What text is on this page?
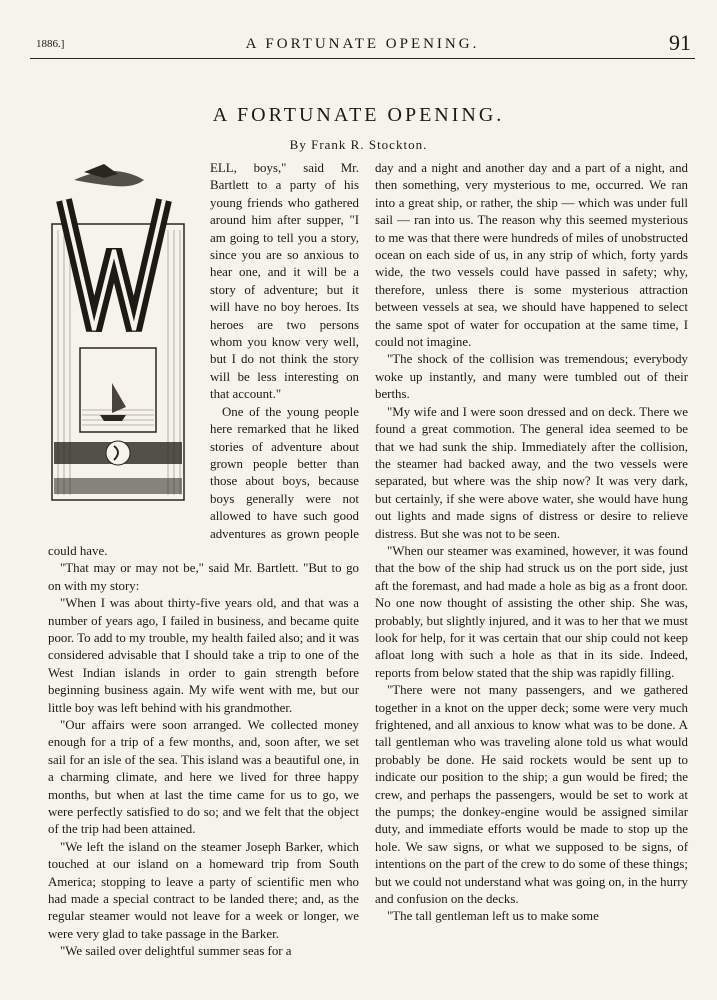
1886.]	A FORTUNATE OPENING.	91
A FORTUNATE OPENING.
By Frank R. Stockton.

ELL, boys," said Mr. Bartlett to a party of his young friends who gathered around him after supper, "I am going to tell you a story, since you are so anxious to hear one, and it will be a story of adventure; but it will have no boy heroes. Its heroes are two persons whom you know very well, but I do not think the story will be less interesting on that account."

One of the young people here remarked that he liked stories of adventure about grown people better than those about boys, because boys generally were not allowed to have such good adventures as grown people could have.

"That may or may not be," said Mr. Bartlett. "But to go on with my story:

"When I was about thirty-five years old, and that was a number of years ago, I failed in business, and became quite poor. To add to my trouble, my health failed also; and it was considered advisable that I should take a trip to one of the West Indian islands in order to gain strength before beginning business again. My wife went with me, but our little boy was left behind with his grandmother.

"Our affairs were soon arranged. We collected money enough for a trip of a few months, and, soon after, we set sail for an isle of the sea. This island was a beautiful one, in a charming climate, and here we lived for three happy months, but when at last the time came for us to go, we were perfectly satisfied to do so; and we felt that the object of the trip had been attained.

"We left the island on the steamer Joseph Barker, which touched at our island on a homeward trip from South America; stopping to leave a party of scientific men who had made a special contract to be landed there; and, as the regular steamer would not leave for a week or longer, we were very glad to take passage in the Barker.

"We sailed over delightful summer seas for a

day and a night and another day and a part of a night, and then something, very mysterious to me, occurred. We ran into a great ship, or rather, the ship — which was under full sail — ran into us. The reason why this seemed mysterious to me was that there were hundreds of miles of unobstructed ocean on each side of us, in any strip of which, forty yards wide, the two vessels could have passed in safety; why, therefore, unless there is some mysterious attraction between vessels at sea, we should have happened to select the same spot of water for occupation at the same time, I could not imagine.

"The shock of the collision was tremendous; everybody woke up instantly, and many were tumbled out of their berths.

"My wife and I were soon dressed and on deck. There we found a great commotion. The general idea seemed to be that we had sunk the ship. Immediately after the collision, the steamer had backed away, and the two vessels were separated, but where was the ship now? It was very dark, but certainly, if she were above water, she would have hung out lights and made signs of distress or desire to relieve distress. But she was not to be seen.

"When our steamer was examined, however, it was found that the bow of the ship had struck us on the port side, just aft the foremast, and had made a hole as big as a front door. No one now thought of assisting the other ship. She was, probably, but slightly injured, and it was to her that we must look for help, for it was certain that our ship could not keep afloat long with such a hole as that in its side. Indeed, reports from below stated that the ship was rapidly filling.

"There were not many passengers, and we gathered together in a knot on the upper deck; some were very much frightened, and all anxious to know what was to be done. A tall gentleman who was traveling alone told us what would probably be done. He said rockets would be sent up to indicate our position to the ship; a gun would be fired; the crew, and perhaps the passengers, would be set to work at the pumps; the donkey-engine would be assigned similar duty, and immediate efforts would be made to stop up the hole. We saw signs, or what we supposed to be signs, of intentions on the part of the crew to do some of these things; but we could not understand what was going on, in the hurry and confusion on the decks.

"The tall gentleman left us to make some
